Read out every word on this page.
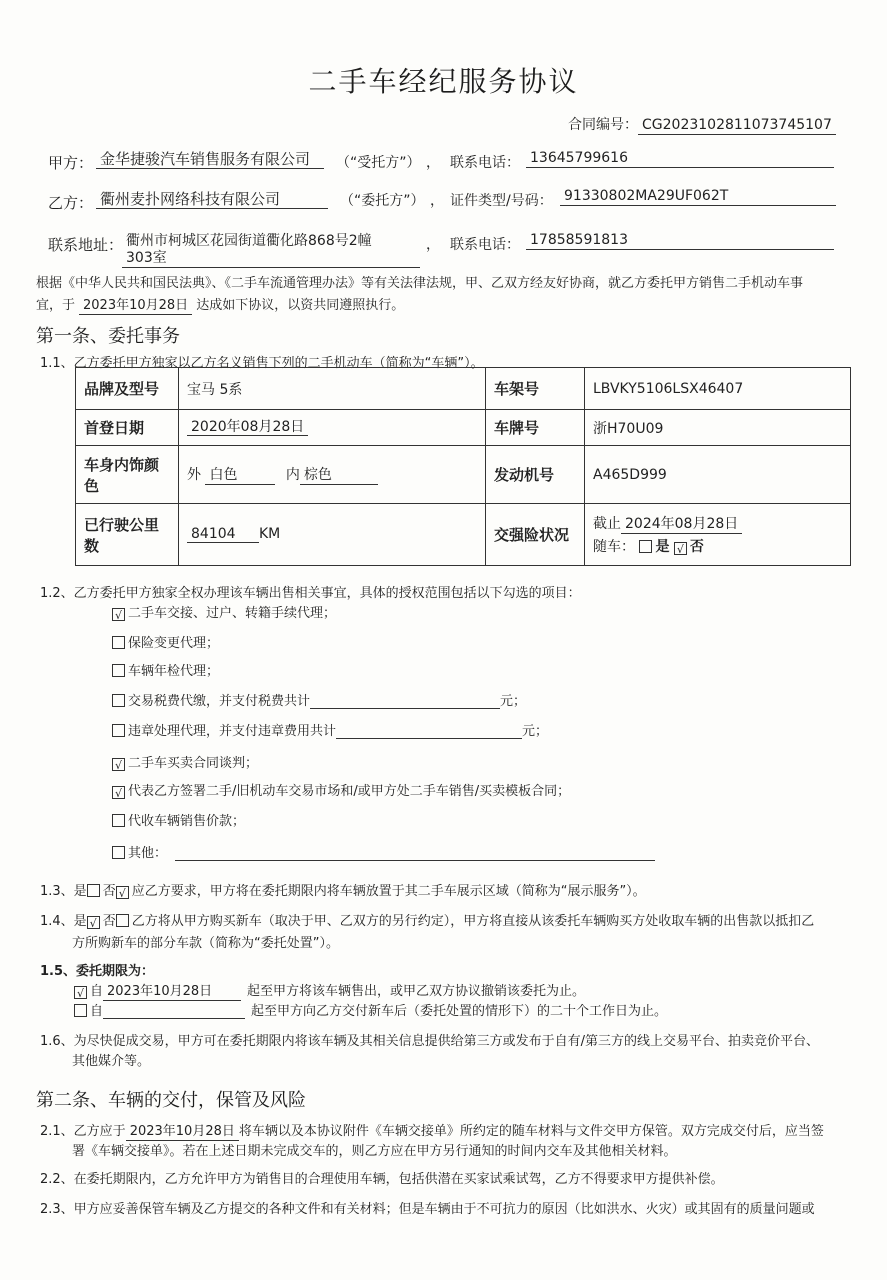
二手车经纪服务协议
合同编号： CG2023102811073745107
甲方： 金华捷骏汽车销售服务有限公司	（“受托方”） ， 联系电话： 13645799616
乙方： 衢州麦扑网络科技有限公司	（“委托方”） ， 证件类型/号码： 91330802MA29UF062T
联系地址： 衢州市柯城区花园街道衢化路868号2幢	，
303室
联系电话： 17858591813
根据《中华人民共和国民法典》、《二手车流通管理办法》等有关法律法规，甲、乙双方经友好协商，就乙方委托甲方销售二手机动车事
宜，于 2023年10月28日 达成如下协议，以资共同遵照执行。
第一条、委托事务
1.1、乙方委托甲方独家以乙方名义销售下列的二手机动车（简称为“车辆”）。
品牌及型号	宝马 5系	车架号	LBVKY5106LSX46407
首登日期	2020年08月28日	车牌号	浙H70U09
车身内饰颜色	外 白色 内 棕色	发动机号	A465D999
已行驶公里数	84104 KM	交强险状况	截止 2024年08月28日
随车： 是 √ 否
1.2、乙方委托甲方独家全权办理该车辆出售相关事宜，具体的授权范围包括以下勾选的项目：
√ 二手车交接、过户、转籍手续代理；
保险变更代理；
车辆年检代理；
交易税费代缴，并支付税费共计	元；
违章处理代理，并支付违章费用共计	元；
√ 二手车买卖合同谈判；
√ 代表乙方签署二手/旧机动车交易市场和/或甲方处二手车销售/买卖模板合同；
代收车辆销售价款；
其他：
1.3、是 否 √ 应乙方要求，甲方将在委托期限内将车辆放置于其二手车展示区域（简称为“展示服务”）。
1.4、是 √ 否 乙方将从甲方购买新车（取决于甲、乙双方的另行约定），甲方将直接从该委托车辆购买方处收取车辆的出售款以抵扣乙
方所购新车的部分车款（简称为“委托处置”）。
1.5、委托期限为：
√ 自 2023年10月28日	起至甲方将该车辆售出，或甲乙双方协议撤销该委托为止。
自	起至甲方向乙方交付新车后（委托处置的情形下）的二十个工作日为止。
1.6、为尽快促成交易，甲方可在委托期限内将该车辆及其相关信息提供给第三方或发布于自有/第三方的线上交易平台、拍卖竞价平台、
其他媒介等。
第二条、车辆的交付，保管及风险
2.1、乙方应于 2023年10月28日 将车辆以及本协议附件《车辆交接单》所约定的随车材料与文件交甲方保管。双方完成交付后，应当签
署《车辆交接单》。若在上述日期未完成交车的，则乙方应在甲方另行通知的时间内交车及其他相关材料。
2.2、在委托期限内，乙方允许甲方为销售目的合理使用车辆，包括供潜在买家试乘试驾，乙方不得要求甲方提供补偿。
2.3、甲方应妥善保管车辆及乙方提交的各种文件和有关材料；但是车辆由于不可抗力的原因（比如洪水、火灾）或其固有的质量问题或
